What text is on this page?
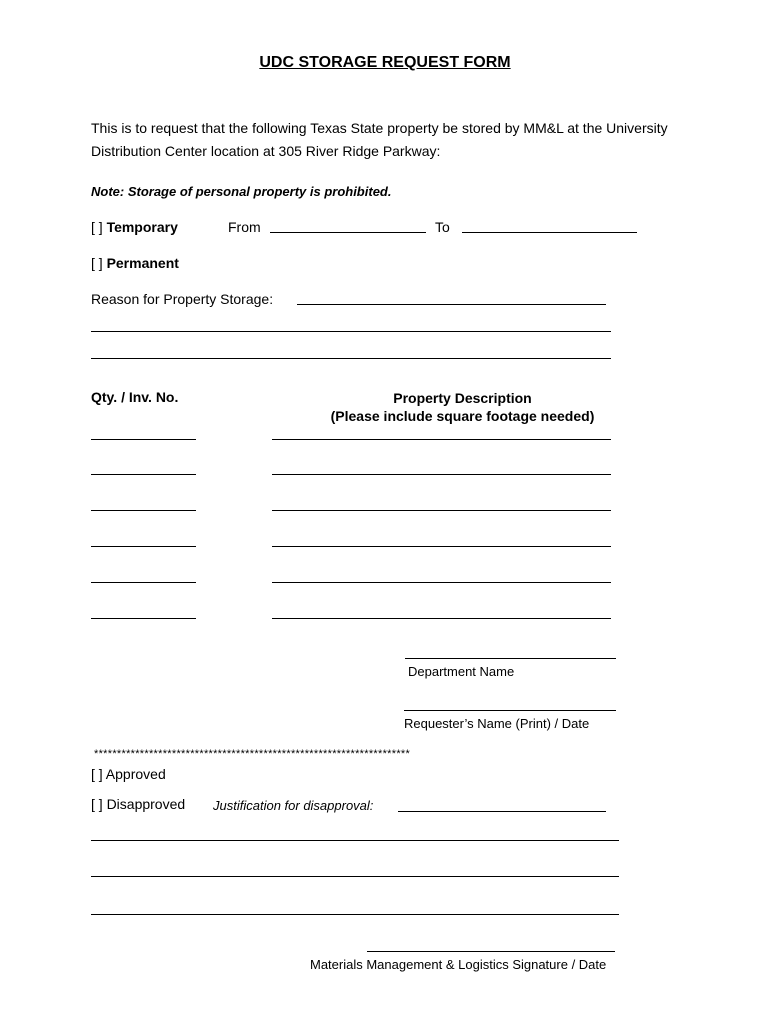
UDC STORAGE REQUEST FORM
This is to request that the following Texas State property be stored by MM&L at the University Distribution Center location at 305 River Ridge Parkway:
Note: Storage of personal property is prohibited.
[ ] Temporary	From	To
[ ] Permanent
Reason for Property Storage:
Qty. / Inv. No.	Property Description
(Please include square footage needed)
Department Name
Requester’s Name (Print) / Date
*********************************************************************
[ ] Approved
[ ] Disapproved Justification for disapproval:
Materials Management & Logistics Signature / Date
